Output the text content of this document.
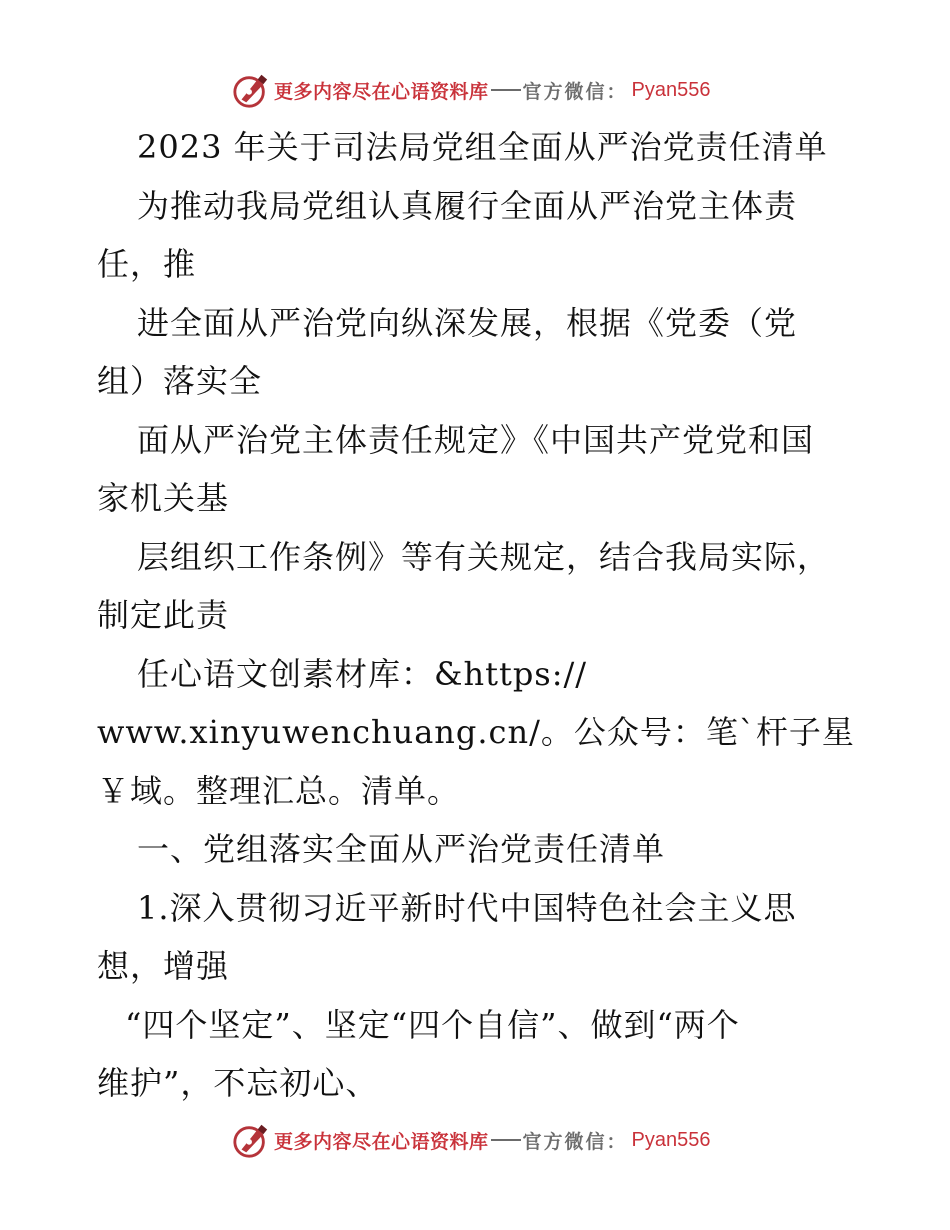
更多内容尽在心语资料库 官方微信： Pyan556
2023 年关于司法局党组全面从严治党责任清单
为推动我局党组认真履行全面从严治党主体责
任，推
进全面从严治党向纵深发展，根据《党委（党
组）落实全
面从严治党主体责任规定》《中国共产党党和国
家机关基
层组织工作条例》等有关规定，结合我局实际，
制定此责
任心语文创素材库：&https://
www.xinyuwenchuang.cn/。公众号：笔`杆子星
￥域。整理汇总。清单。
一、党组落实全面从严治党责任清单
1.深入贯彻习近平新时代中国特色社会主义思
想，增强
“四个坚定”、坚定“四个自信”、做到“两个
维护”，不忘初心、
更多内容尽在心语资料库 官方微信： Pyan556
